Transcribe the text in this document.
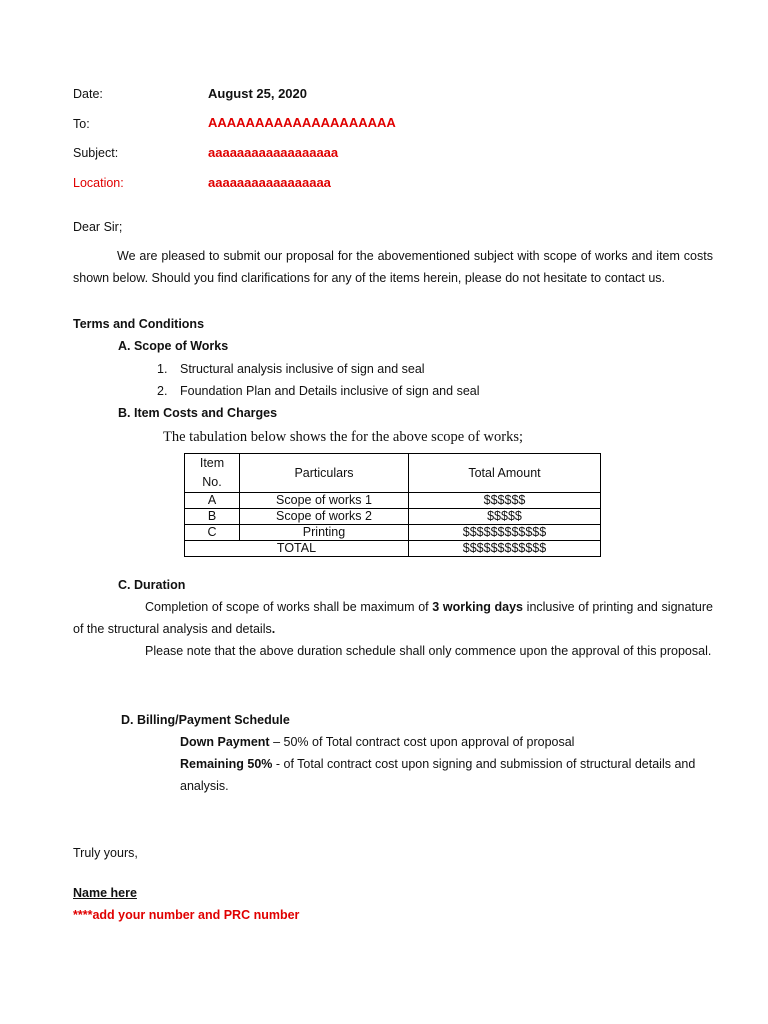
Date:	August 25, 2020
To:	AAAAAAAAAAAAAAAAAAAA
Subject:	aaaaaaaaaaaaaaaaaa
Location:	aaaaaaaaaaaaaaaaa
Dear Sir;
We are pleased to submit our proposal for the abovementioned subject with scope of works and item costs shown below. Should you find clarifications for any of the items herein, please do not hesitate to contact us.
Terms and Conditions
A. Scope of Works
1. Structural analysis inclusive of sign and seal
2. Foundation Plan and Details inclusive of sign and seal
B. Item Costs and Charges
The tabulation below shows the for the above scope of works;
Item
No.	Particulars	Total Amount
A	Scope of works 1	$$$$$$
B	Scope of works 2	$$$$$
C	Printing	$$$$$$$$$$$$
TOTAL		$$$$$$$$$$$$
C. Duration
Completion of scope of works shall be maximum of 3 working days inclusive of printing and signature of the structural analysis and details.
Please note that the above duration schedule shall only commence upon the approval of this proposal.
D. Billing/Payment Schedule
Down Payment – 50% of Total contract cost upon approval of proposal
Remaining 50% - of Total contract cost upon signing and submission of structural details and
analysis.
Truly yours,
Name here
****add your number and PRC number
